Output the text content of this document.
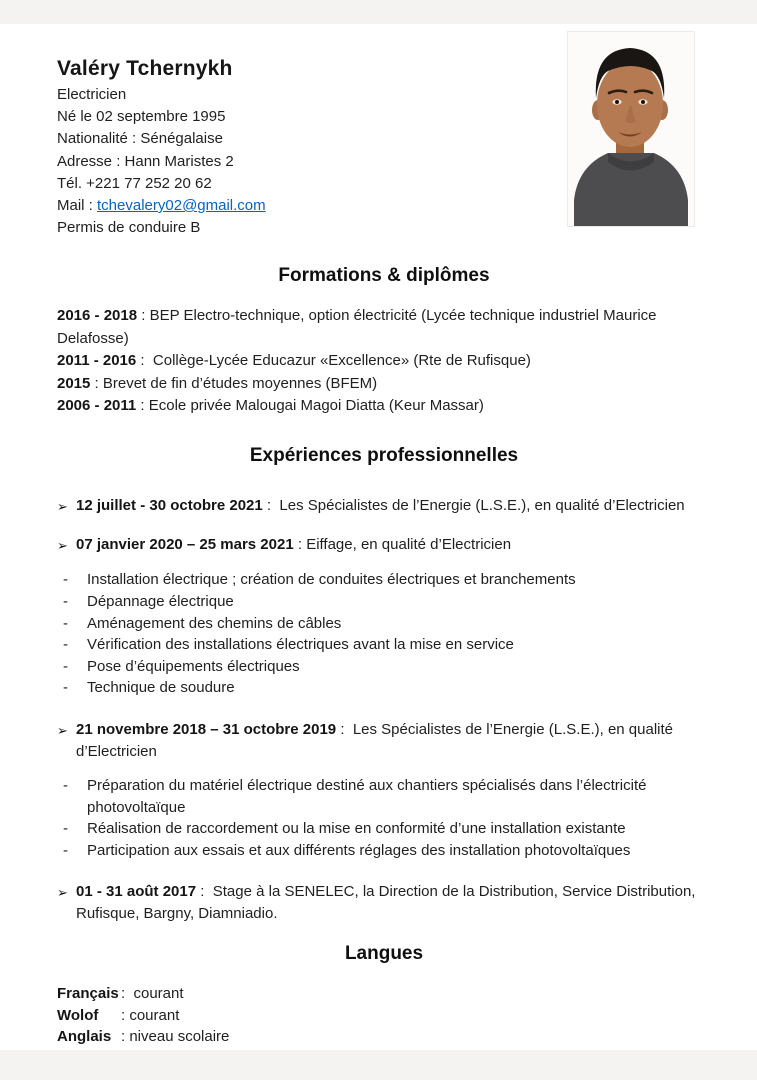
Valéry Tchernykh
Electricien
Né le 02 septembre 1995
Nationalité : Sénégalaise
Adresse : Hann Maristes 2
Tél. +221 77 252 20 62
Mail : tchevalery02@gmail.com
Permis de conduire B
Formations & diplômes
2016 - 2018 : BEP Electro-technique, option électricité (Lycée technique industriel Maurice Delafosse)
2011 - 2016 :  Collège-Lycée Educazur «Excellence» (Rte de Rufisque)
2015 : Brevet de fin d’études moyennes (BFEM)
2006 - 2011 : Ecole privée Malougai Magoi Diatta (Keur Massar)
Expériences professionnelles
➢ 12 juillet - 30 octobre 2021 :  Les Spécialistes de l’Energie (L.S.E.), en qualité d’Electricien
➢ 07 janvier 2020 – 25 mars 2021 : Eiffage, en qualité d’Electricien
-	Installation électrique ; création de conduites électriques et branchements
-	Dépannage électrique
-	Aménagement des chemins de câbles
-	Vérification des installations électriques avant la mise en service
-	Pose d’équipements électriques
-	Technique de soudure
➢ 21 novembre 2018 – 31 octobre 2019 :  Les Spécialistes de l’Energie (L.S.E.), en qualité d’Electricien
-	Préparation du matériel électrique destiné aux chantiers spécialisés dans l’électricité photovoltaïque
-	Réalisation de raccordement ou la mise en conformité d’une installation existante
-	Participation aux essais et aux différents réglages des installation photovoltaïques
➢ 01 - 31 août 2017 :  Stage à la SENELEC, la Direction de la Distribution, Service Distribution, Rufisque, Bargny, Diamniadio.
Langues
Français :  courant
Wolof	: courant
Anglais : niveau scolaire
